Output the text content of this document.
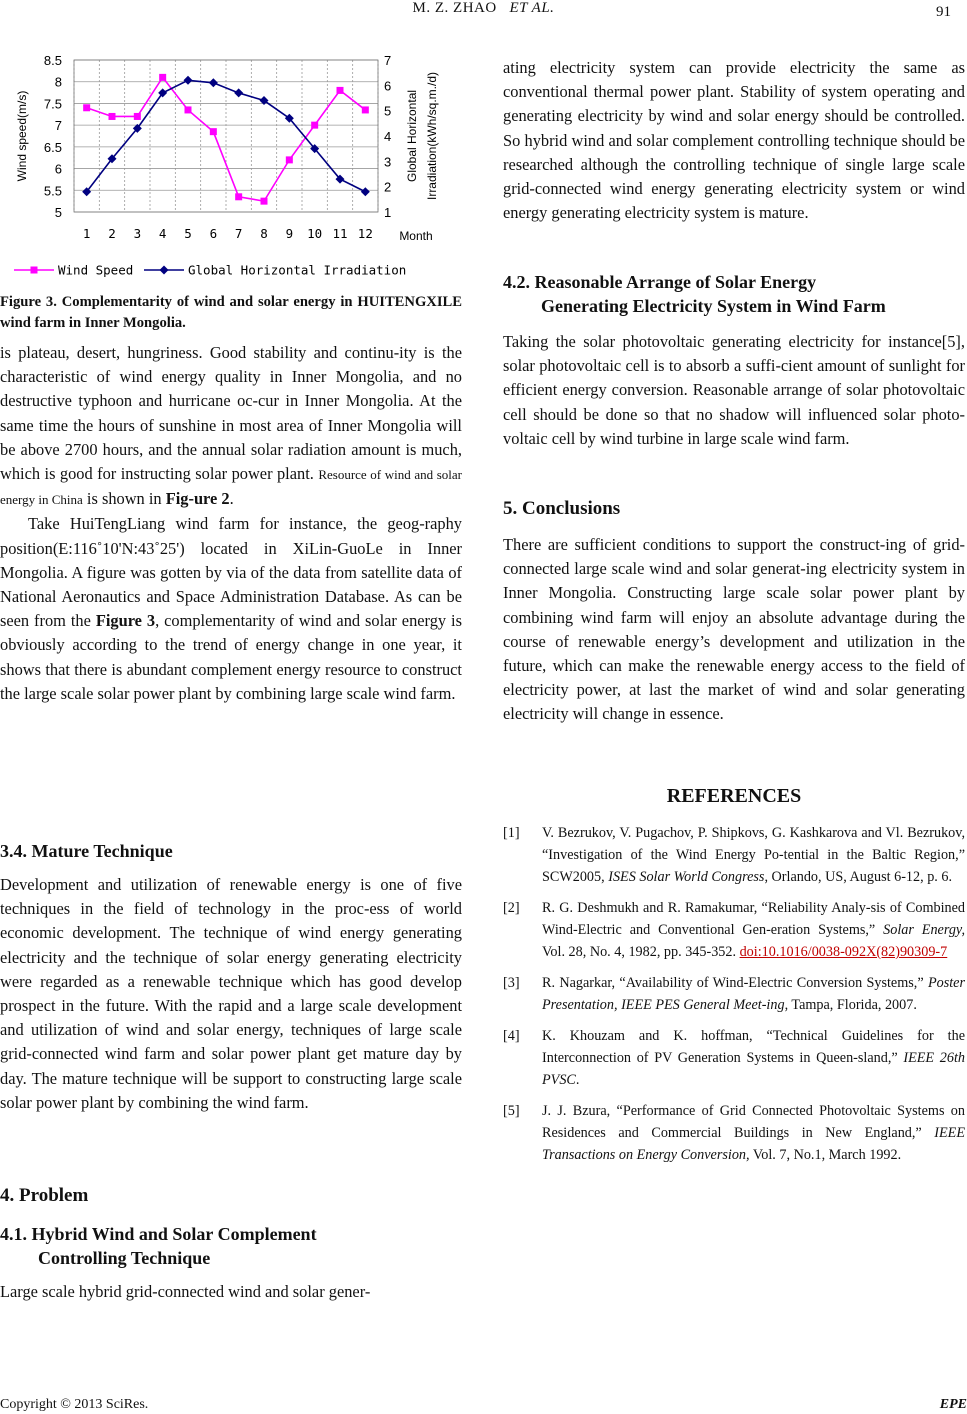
M. Z. ZHAO ET AL.	91
5
5.5
6
6.5
7
7.5
8
8.5
1
2
3
4
5
6
7
1 2 3 4 5 6 7 8 9 10 11 12
Wind speed(m/s)	Global Horizontal Irradiation(kWh/sq.m./d)
Month
Wind Speed	Global Horizontal Irradiation
Figure 3. Complementarity of wind and solar energy in HUITENGXILE wind farm in Inner Mongolia.

is plateau, desert, hungriness. Good stability and continu-ity is the characteristic of wind energy quality in Inner Mongolia, and no destructive typhoon and hurricane oc-cur in Inner Mongolia. At the same time the hours of sunshine in most area of Inner Mongolia will be above 2700 hours, and the annual solar radiation amount is much, which is good for instructing solar power plant. Resource of wind and solar energy in China is shown in Fig-ure 2.

Take HuiTengLiang wind farm for instance, the geog-raphy position(E:116˚10'N:43˚25') located in XiLin-GuoLe in Inner Mongolia. A figure was gotten by via of the data from satellite data of National Aeronautics and Space Administration Database. As can be seen from the Figure 3, complementarity of wind and solar energy is obviously according to the trend of energy change in one year, it shows that there is abundant complement energy resource to construct the large scale solar power plant by combining large scale wind farm.

3.4. Mature Technique

Development and utilization of renewable energy is one of five techniques in the field of technology in the proc-ess of world economic development. The technique of wind energy generating electricity and the technique of solar energy generating electricity were regarded as a renewable technique which has good develop prospect in the future. With the rapid and a large scale development and utilization of wind and solar energy, techniques of large scale grid-connected wind farm and solar power plant get mature day by day. The mature technique will be support to constructing large scale solar power plant by combining the wind farm.

4. Problem
4.1. Hybrid Wind and Solar Complement
Controlling Technique

Large scale hybrid grid-connected wind and solar gener-

ating electricity system can provide electricity the same as conventional thermal power plant. Stability of system operating and generating electricity by wind and solar energy should be controlled. So hybrid wind and solar complement controlling technique should be researched although the controlling technique of single large scale grid-connected wind energy generating electricity system or wind energy generating electricity system is mature.

4.2. Reasonable Arrange of Solar Energy
Generating Electricity System in Wind Farm

Taking the solar photovoltaic generating electricity for instance[5], solar photovoltaic cell is to absorb a suffi-cient amount of sunlight for efficient energy conversion. Reasonable arrange of solar photovoltaic cell should be done so that no shadow will influenced solar photo-voltaic cell by wind turbine in large scale wind farm.

5. Conclusions

There are sufficient conditions to support the construct-ing of grid-connected large scale wind and solar generat-ing electricity system in Inner Mongolia. Constructing large scale solar power plant by combining wind farm will enjoy an absolute advantage during the course of renewable energy’s development and utilization in the future, which can make the renewable energy access to the field of electricity power, at last the market of wind and solar generating electricity will change in essence.

REFERENCES
[1] V. Bezrukov, V. Pugachov, P. Shipkovs, G. Kashkarova and Vl. Bezrukov, “Investigation of the Wind Energy Po-tential in the Baltic Region,” SCW2005, ISES Solar World Congress, Orlando, US, August 6-12, p. 6.
[2] R. G. Deshmukh and R. Ramakumar, “Reliability Analy-sis of Combined Wind-Electric and Conventional Gen-eration Systems,” Solar Energy, Vol. 28, No. 4, 1982, pp. 345-352. doi:10.1016/0038-092X(82)90309-7
[3] R. Nagarkar, “Availability of Wind-Electric Conversion Systems,” Poster Presentation, IEEE PES General Meet-ing, Tampa, Florida, 2007.
[4] K. Khouzam and K. hoffman, “Technical Guidelines for the Interconnection of PV Generation Systems in Queen-sland,” IEEE 26th PVSC.
[5] J. J. Bzura, “Performance of Grid Connected Photovoltaic Systems on Residences and Commercial Buildings in New England,” IEEE Transactions on Energy Conversion, Vol. 7, No.1, March 1992.
Copyright © 2013 SciRes.	EPE
